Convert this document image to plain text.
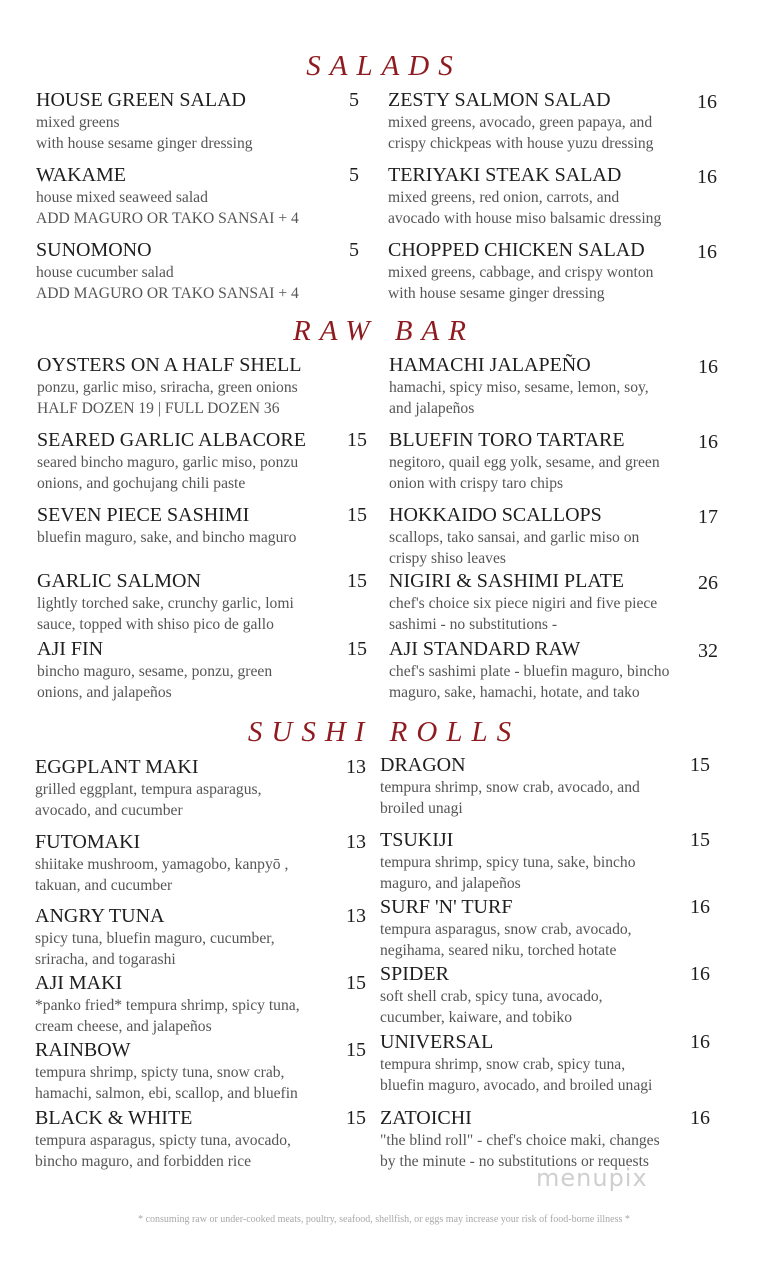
SALADS
RAW BAR
SUSHI ROLLS
menupix
* consuming raw or under-cooked meats, poultry, seafood, shellfish, or eggs may increase your risk of food-borne illness *
HOUSE GREEN SALAD	5
mixed greens
with house sesame ginger dressing
WAKAME	5
house mixed seaweed salad
ADD MAGURO OR TAKO SANSAI + 4
SUNOMONO	5
house cucumber salad
ADD MAGURO OR TAKO SANSAI + 4
ZESTY SALMON SALAD	16
mixed greens, avocado, green papaya, and
crispy chickpeas with house yuzu dressing
TERIYAKI STEAK SALAD	16
mixed greens, red onion, carrots, and
avocado with house miso balsamic dressing
CHOPPED CHICKEN SALAD	16
mixed greens, cabbage, and crispy wonton
with house sesame ginger dressing
OYSTERS ON A HALF SHELL
ponzu, garlic miso, sriracha, green onions
HALF DOZEN 19 | FULL DOZEN 36
SEARED GARLIC ALBACORE 15
seared bincho maguro, garlic miso, ponzu
onions, and gochujang chili paste
SEVEN PIECE SASHIMI	15
bluefin maguro, sake, and bincho maguro
GARLIC SALMON	15
lightly torched sake, crunchy garlic, lomi
sauce, topped with shiso pico de gallo
AJI FIN	15
bincho maguro, sesame, ponzu, green
onions, and jalapeños
HAMACHI JALAPEÑO	16
hamachi, spicy miso, sesame, lemon, soy,
and jalapeños
BLUEFIN TORO TARTARE	16
negitoro, quail egg yolk, sesame, and green
onion with crispy taro chips
HOKKAIDO SCALLOPS	17
scallops, tako sansai, and garlic miso on
crispy shiso leaves
NIGIRI & SASHIMI PLATE	26
chef's choice six piece nigiri and five piece
sashimi - no substitutions -
AJI STANDARD RAW	32
chef's sashimi plate - bluefin maguro, bincho
maguro, sake, hamachi, hotate, and tako
EGGPLANT MAKI	13
grilled eggplant, tempura asparagus,
avocado, and cucumber
FUTOMAKI	13
shiitake mushroom, yamagobo, kanpyō ,
takuan, and cucumber
ANGRY TUNA	13
spicy tuna, bluefin maguro, cucumber,
sriracha, and togarashi
AJI MAKI	15
*panko fried* tempura shrimp, spicy tuna,
cream cheese, and jalapeños
RAINBOW	15
tempura shrimp, spicty tuna, snow crab,
hamachi, salmon, ebi, scallop, and bluefin
BLACK & WHITE	15
tempura asparagus, spicty tuna, avocado,
bincho maguro, and forbidden rice
DRAGON	15
tempura shrimp, snow crab, avocado, and
broiled unagi
TSUKIJI	15
tempura shrimp, spicy tuna, sake, bincho
maguro, and jalapeños
SURF 'N' TURF	16
tempura asparagus, snow crab, avocado,
negihama, seared niku, torched hotate
SPIDER	16
soft shell crab, spicy tuna, avocado,
cucumber, kaiware, and tobiko
UNIVERSAL	16
tempura shrimp, snow crab, spicy tuna,
bluefin maguro, avocado, and broiled unagi
ZATOICHI	16
"the blind roll" - chef's choice maki, changes
by the minute - no substitutions or requests
